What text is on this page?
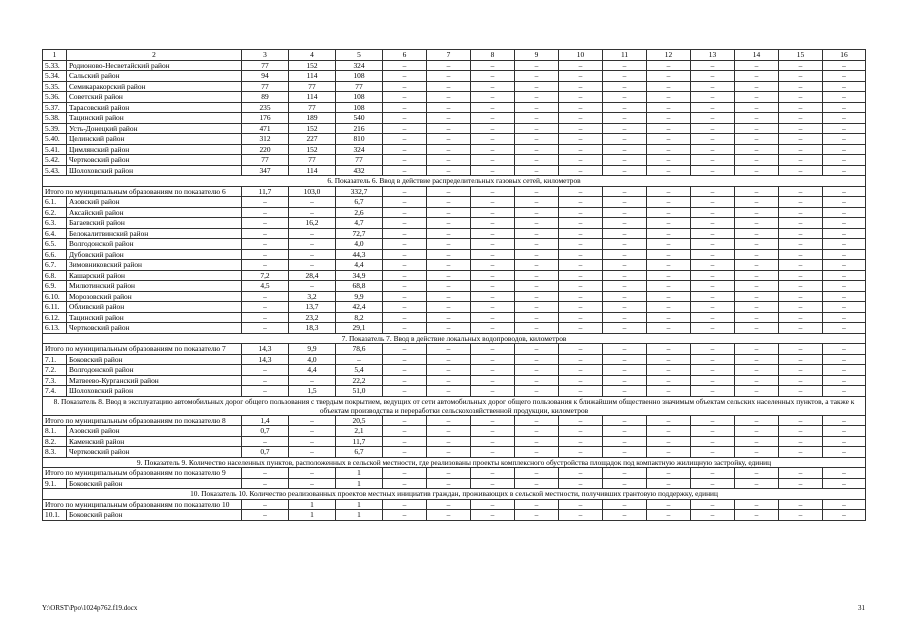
1	2	3	4	5	6	7	8	9	10	11	12	13	14	15	16
5.33.	Родионово-Несветайский район	77	152	324	–	–	–	–	–	–	–	–	–	–	–
5.34.	Сальский район	94	114	108	–	–	–	–	–	–	–	–	–	–	–
5.35.	Семикаракорский район	77	77	77	–	–	–	–	–	–	–	–	–	–	–
5.36.	Советский район	89	114	108	–	–	–	–	–	–	–	–	–	–	–
5.37.	Тарасовский район	235	77	108	–	–	–	–	–	–	–	–	–	–	–
5.38.	Тацинский район	176	189	540	–	–	–	–	–	–	–	–	–	–	–
5.39.	Усть-Донецкий район	471	152	216	–	–	–	–	–	–	–	–	–	–	–
5.40.	Целинский район	312	227	810	–	–	–	–	–	–	–	–	–	–	–
5.41.	Цимлянский район	220	152	324	–	–	–	–	–	–	–	–	–	–	–
5.42.	Чертковский район	77	77	77	–	–	–	–	–	–	–	–	–	–	–
5.43.	Шолоховский район	347	114	432	–	–	–	–	–	–	–	–	–	–	–
6. Показатель 6. Ввод в действие распределительных газовых сетей, километров															
Итого по муниципальным образованиям по показателю 6		11,7	103,0	332,7	–	–	–	–	–	–	–	–	–	–	–
6.1.	Азовский район	–	–	6,7	–	–	–	–	–	–	–	–	–	–	–
6.2.	Аксайский район	–	–	2,6	–	–	–	–	–	–	–	–	–	–	–
6.3.	Багаевский район	–	16,2	4,7	–	–	–	–	–	–	–	–	–	–	–
6.4.	Белокалитвинский район	–	–	72,7	–	–	–	–	–	–	–	–	–	–	–
6.5.	Волгодонской район	–	–	4,0	–	–	–	–	–	–	–	–	–	–	–
6.6.	Дубовский район	–	–	44,3	–	–	–	–	–	–	–	–	–	–	–
6.7.	Зимовниковский район	–	–	4,4	–	–	–	–	–	–	–	–	–	–	–
6.8.	Кашарский район	7,2	28,4	34,9	–	–	–	–	–	–	–	–	–	–	–
6.9.	Милютинский район	4,5	–	68,8	–	–	–	–	–	–	–	–	–	–	–
6.10.	Морозовский район	–	3,2	9,9	–	–	–	–	–	–	–	–	–	–	–
6.11.	Обливский район	–	13,7	42,4	–	–	–	–	–	–	–	–	–	–	–
6.12.	Тацинский район	–	23,2	8,2	–	–	–	–	–	–	–	–	–	–	–
6.13.	Чертковский район	–	18,3	29,1	–	–	–	–	–	–	–	–	–	–	–
7. Показатель 7. Ввод в действие локальных водопроводов, километров															
Итого по муниципальным образованиям по показателю 7		14,3	9,9	78,6	–	–	–	–	–	–	–	–	–	–	–
7.1.	Боковский район	14,3	4,0	–	–	–	–	–	–	–	–	–	–	–	–
7.2.	Волгодонской район	–	4,4	5,4	–	–	–	–	–	–	–	–	–	–	–
7.3.	Матвеево-Курганский район	–	–	22,2	–	–	–	–	–	–	–	–	–	–	–
7.4.	Шолоховский район	–	1,5	51,0	–	–	–	–	–	–	–	–	–	–	–
8. Показатель 8. Ввод в эксплуатацию автомобильных дорог общего пользования с твердым покрытием, ведущих от сети автомобильных дорог общего пользования к ближайшим общественно значимым объектам сельских населенных пунктов, а также к объектам производства и переработки сельскохозяйственной продукции, километров															
Итого по муниципальным образованиям по показателю 8		1,4	–	20,5	–	–	–	–	–	–	–	–	–	–	–
8.1.	Азовский район	0,7	–	2,1	–	–	–	–	–	–	–	–	–	–	–
8.2.	Каменский район	–	–	11,7	–	–	–	–	–	–	–	–	–	–	–
8.3.	Чертковский район	0,7	–	6,7	–	–	–	–	–	–	–	–	–	–	–
9. Показатель 9. Количество населенных пунктов, расположенных в сельской местности, где реализованы проекты комплексного обустройства площадок под компактную жилищную застройку, единиц															
Итого по муниципальным образованиям по показателю 9		–	–	1	–	–	–	–	–	–	–	–	–	–	–
9.1.	Боковский район	–	–	1	–	–	–	–	–	–	–	–	–	–	–
10. Показатель 10. Количество реализованных проектов местных инициатив граждан, проживающих в сельской местности, получивших грантовую поддержку, единиц															
Итого по муниципальным образованиям по показателю 10		–	1	1	–	–	–	–	–	–	–	–	–	–	–
10.1.	Боковский район	–	1	1	–	–	–	–	–	–	–	–	–	–	–
Y:\ORST\Ppo\1024p762.f19.docx	31
